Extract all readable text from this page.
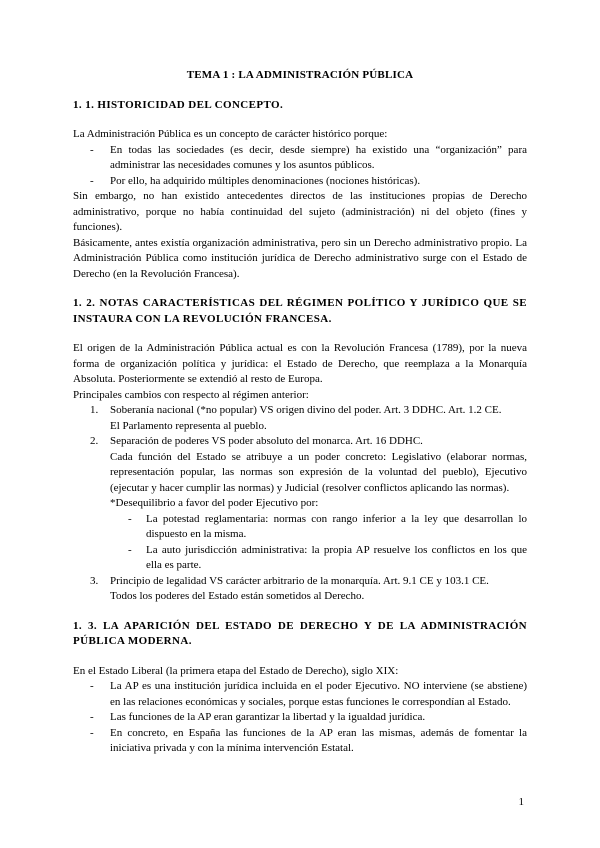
TEMA 1 : LA ADMINISTRACIÓN PÚBLICA

1. 1. HISTORICIDAD DEL CONCEPTO.

La Administración Pública es un concepto de carácter histórico porque:

- En todas las sociedades (es decir, desde siempre) ha existido una “organización” para administrar las necesidades comunes y los asuntos públicos.
- Por ello, ha adquirido múltiples denominaciones (nociones históricas).

Sin embargo, no han existido antecedentes directos de las instituciones propias de Derecho administrativo, porque no había continuidad del sujeto (administración) ni del objeto (fines y funciones).

Básicamente, antes existía organización administrativa, pero sin un Derecho administrativo propio. La Administración Pública como institución jurídica de Derecho administrativo surge con el Estado de Derecho (en la Revolución Francesa).

1. 2. NOTAS CARACTERÍSTICAS DEL RÉGIMEN POLÍTICO Y JURÍDICO QUE SE INSTAURA CON LA REVOLUCIÓN FRANCESA.

El origen de la Administración Pública actual es con la Revolución Francesa (1789), por la nueva forma de organización política y jurídica: el Estado de Derecho, que reemplaza a la Monarquía Absoluta. Posteriormente se extendió al resto de Europa.

Principales cambios con respecto al régimen anterior:

1. Soberanía nacional (*no popular) VS origen divino del poder. Art. 3 DDHC. Art. 1.2 CE.
El Parlamento representa al pueblo.
2. Separación de poderes VS poder absoluto del monarca. Art. 16 DDHC.
Cada función del Estado se atribuye a un poder concreto: Legislativo (elaborar normas, representación popular, las normas son expresión de la voluntad del pueblo), Ejecutivo (ejecutar y hacer cumplir las normas) y Judicial (resolver conflictos aplicando las normas).
*Desequilibrio a favor del poder Ejecutivo por:
- La potestad reglamentaria: normas con rango inferior a la ley que desarrollan lo dispuesto en la misma.
- La auto jurisdicción administrativa: la propia AP resuelve los conflictos en los que ella es parte.
3. Principio de legalidad VS carácter arbitrario de la monarquía. Art. 9.1 CE y 103.1 CE.
Todos los poderes del Estado están sometidos al Derecho.

1. 3. LA APARICIÓN DEL ESTADO DE DERECHO Y DE LA ADMINISTRACIÓN PÚBLICA MODERNA.

En el Estado Liberal (la primera etapa del Estado de Derecho), siglo XIX:

- La AP es una institución jurídica incluida en el poder Ejecutivo. NO interviene (se abstiene) en las relaciones económicas y sociales, porque estas funciones le correspondían al Estado.
- Las funciones de la AP eran garantizar la libertad y la igualdad jurídica.
- En concreto, en España las funciones de la AP eran las mismas, además de fomentar la iniciativa privada y con la mínima intervención Estatal.
1
